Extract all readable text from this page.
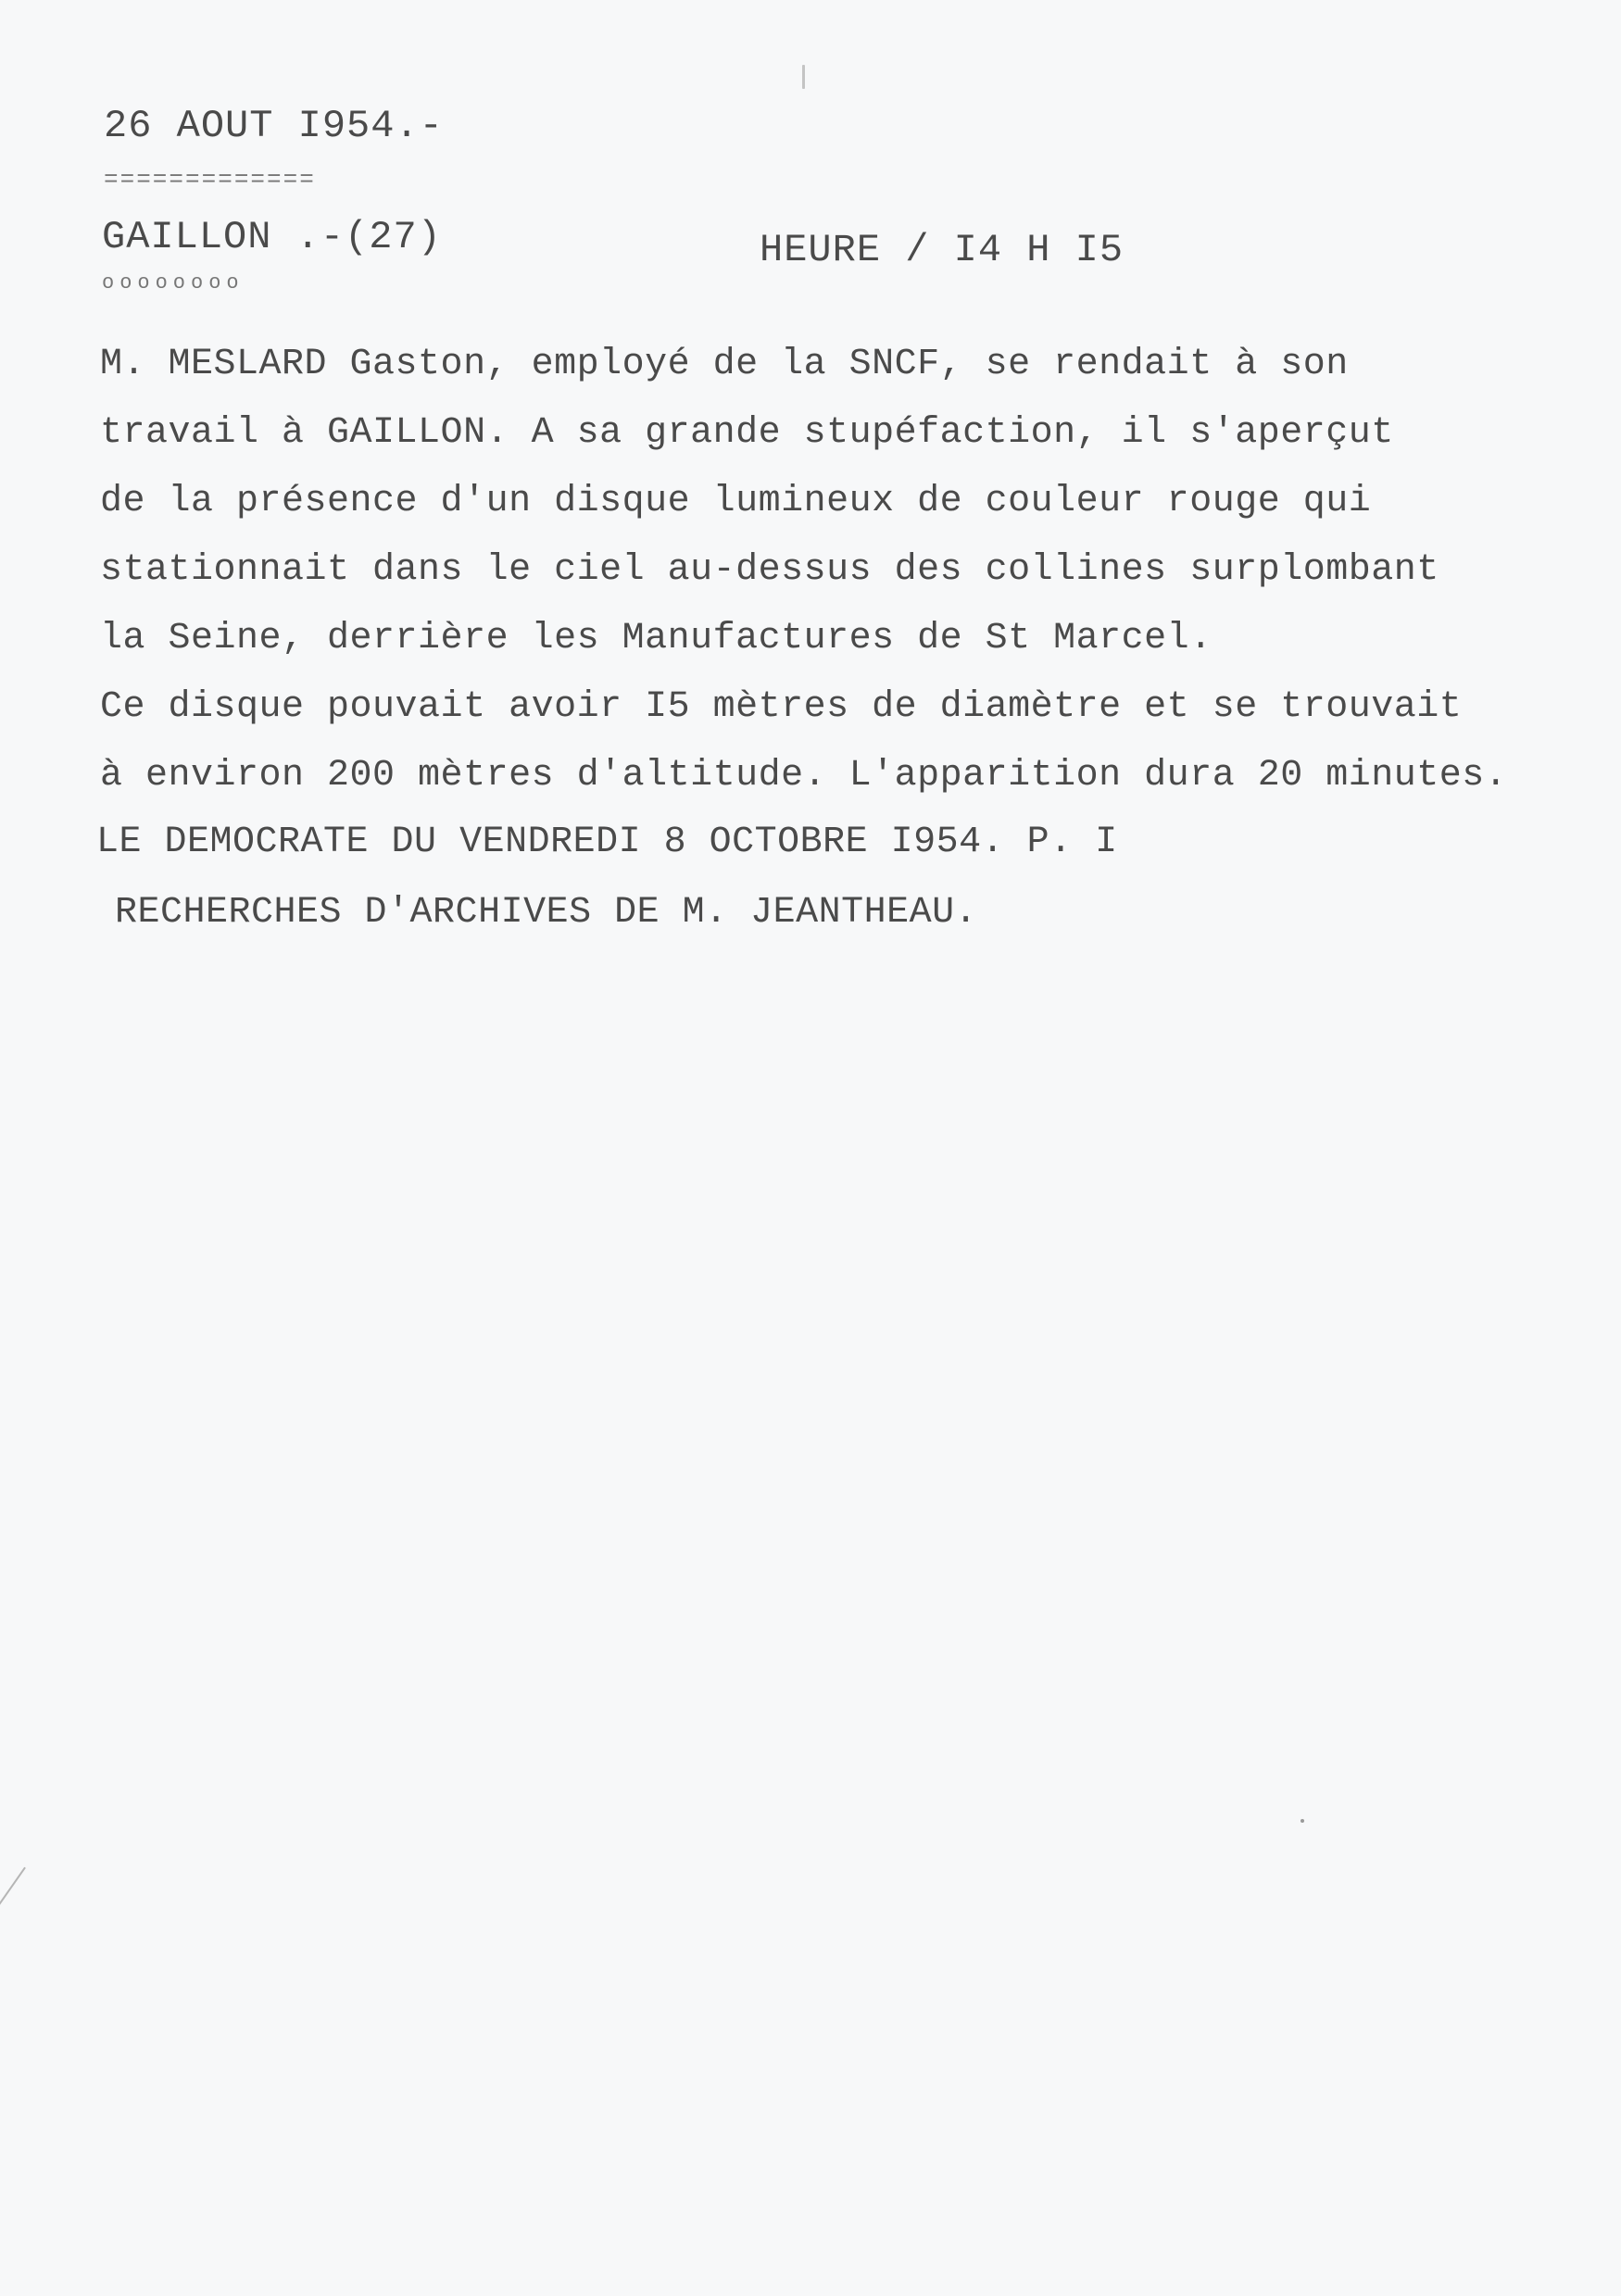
26 AOUT I954.-
=============
GAILLON .-(27)
oooooooo
HEURE / I4 H I5
M. MESLARD Gaston, employé de la SNCF, se rendait à son
travail à GAILLON. A sa grande stupéfaction, il s'aperçut
de la présence d'un disque lumineux de couleur rouge qui
stationnait dans le ciel au-dessus des collines surplombant
la Seine, derrière les Manufactures de St Marcel.
Ce disque pouvait avoir I5 mètres de diamètre et se trouvait
à environ 200 mètres d'altitude. L'apparition dura 20 minutes.
LE DEMOCRATE DU VENDREDI 8 OCTOBRE I954. P. I
RECHERCHES D'ARCHIVES DE M. JEANTHEAU.
